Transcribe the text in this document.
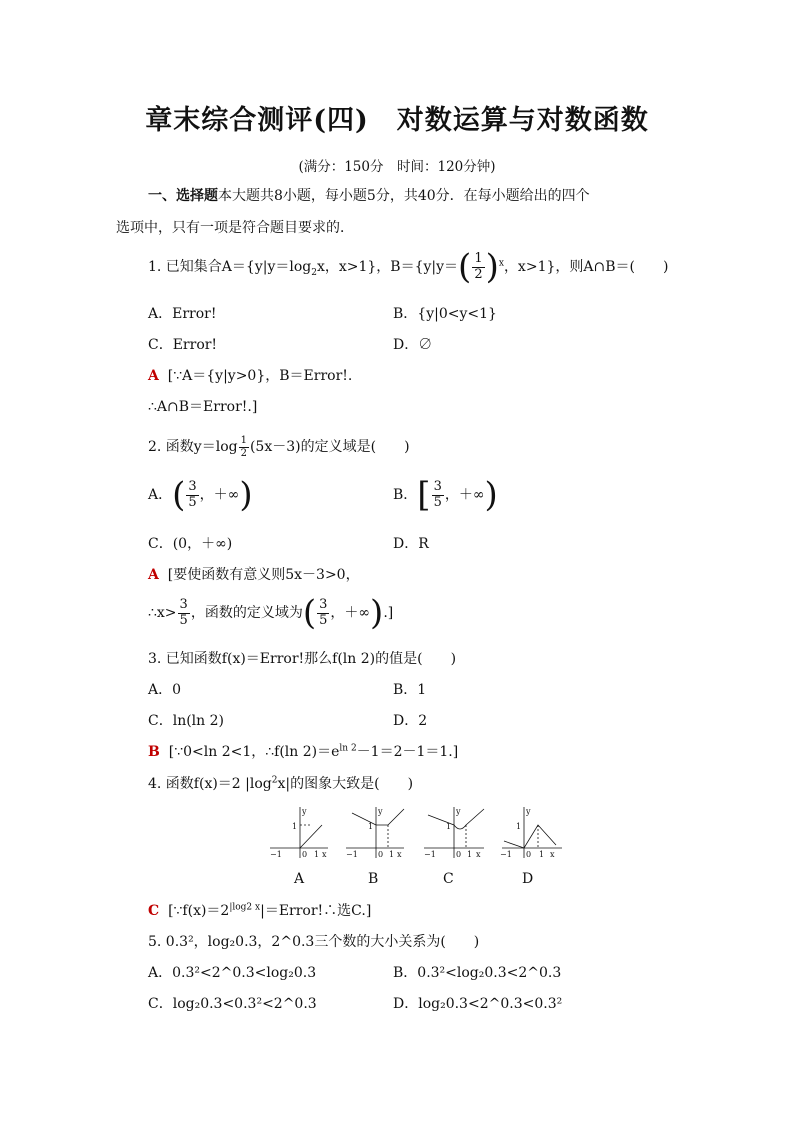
章末综合测评(四)　对数运算与对数函数
(满分：150分　时间：120分钟)
一、选择题本大题共8小题，每小题5分，共40分．在每小题给出的四个
选项中，只有一项是符合题目要求的．
1. 已知集合$A=\{y|y=\log_2x$，x>1}，$B=\{y|y=( \frac{1}{2} )^x$，x>1}，则A∩B＝(　　)
A．Error!	B．{y|0<y<1}
C．Error!	D．∅
A [∵A＝{y|y>0}，B＝Error!.
∴A∩B＝Error!.]
2. 函数$y=\log \frac{1}{2} (5x-3)$的定义域是(　　)
A．( $\frac{3}{5}$ ，＋∞)	B．[ $\frac{3}{5}$ ，＋∞)
C．(0，＋∞)	D．R
A [要使函数有意义则5x－3>0，
∴x> $\frac{3}{5}$ ，函数的定义域为( $\frac{3}{5}$ ，＋∞).]
3. 已知函数f(x)＝Error!那么f(ln 2)的值是(　　)
A．0	B．1
C．ln(ln 2)	D．2
B [∵0<ln 2<1，∴f(ln $2)=e^{ln 2}-1=2-1=1$.]
4. 函数f(x)＝2 $|\log^2x|$的图象大致是(　　)
y
1
−1	0 1 x
y
1
−1	0 1 x
y
1
−1	0 1 x
y
1
−1 0 1 x
A	B	C	D
C [$\because f(x)=2^{|log2 x}|=Error!\therefore$选C.]
5. 0.3²，log₂0.3，2^0.3三个数的大小关系为(　　)
A．0.3²<2^0.3<log₂0.3	B．0.3²<log₂0.3<2^0.3
C．log₂0.3<0.3²<2^0.3	D．log₂0.3<2^0.3<0.3²
